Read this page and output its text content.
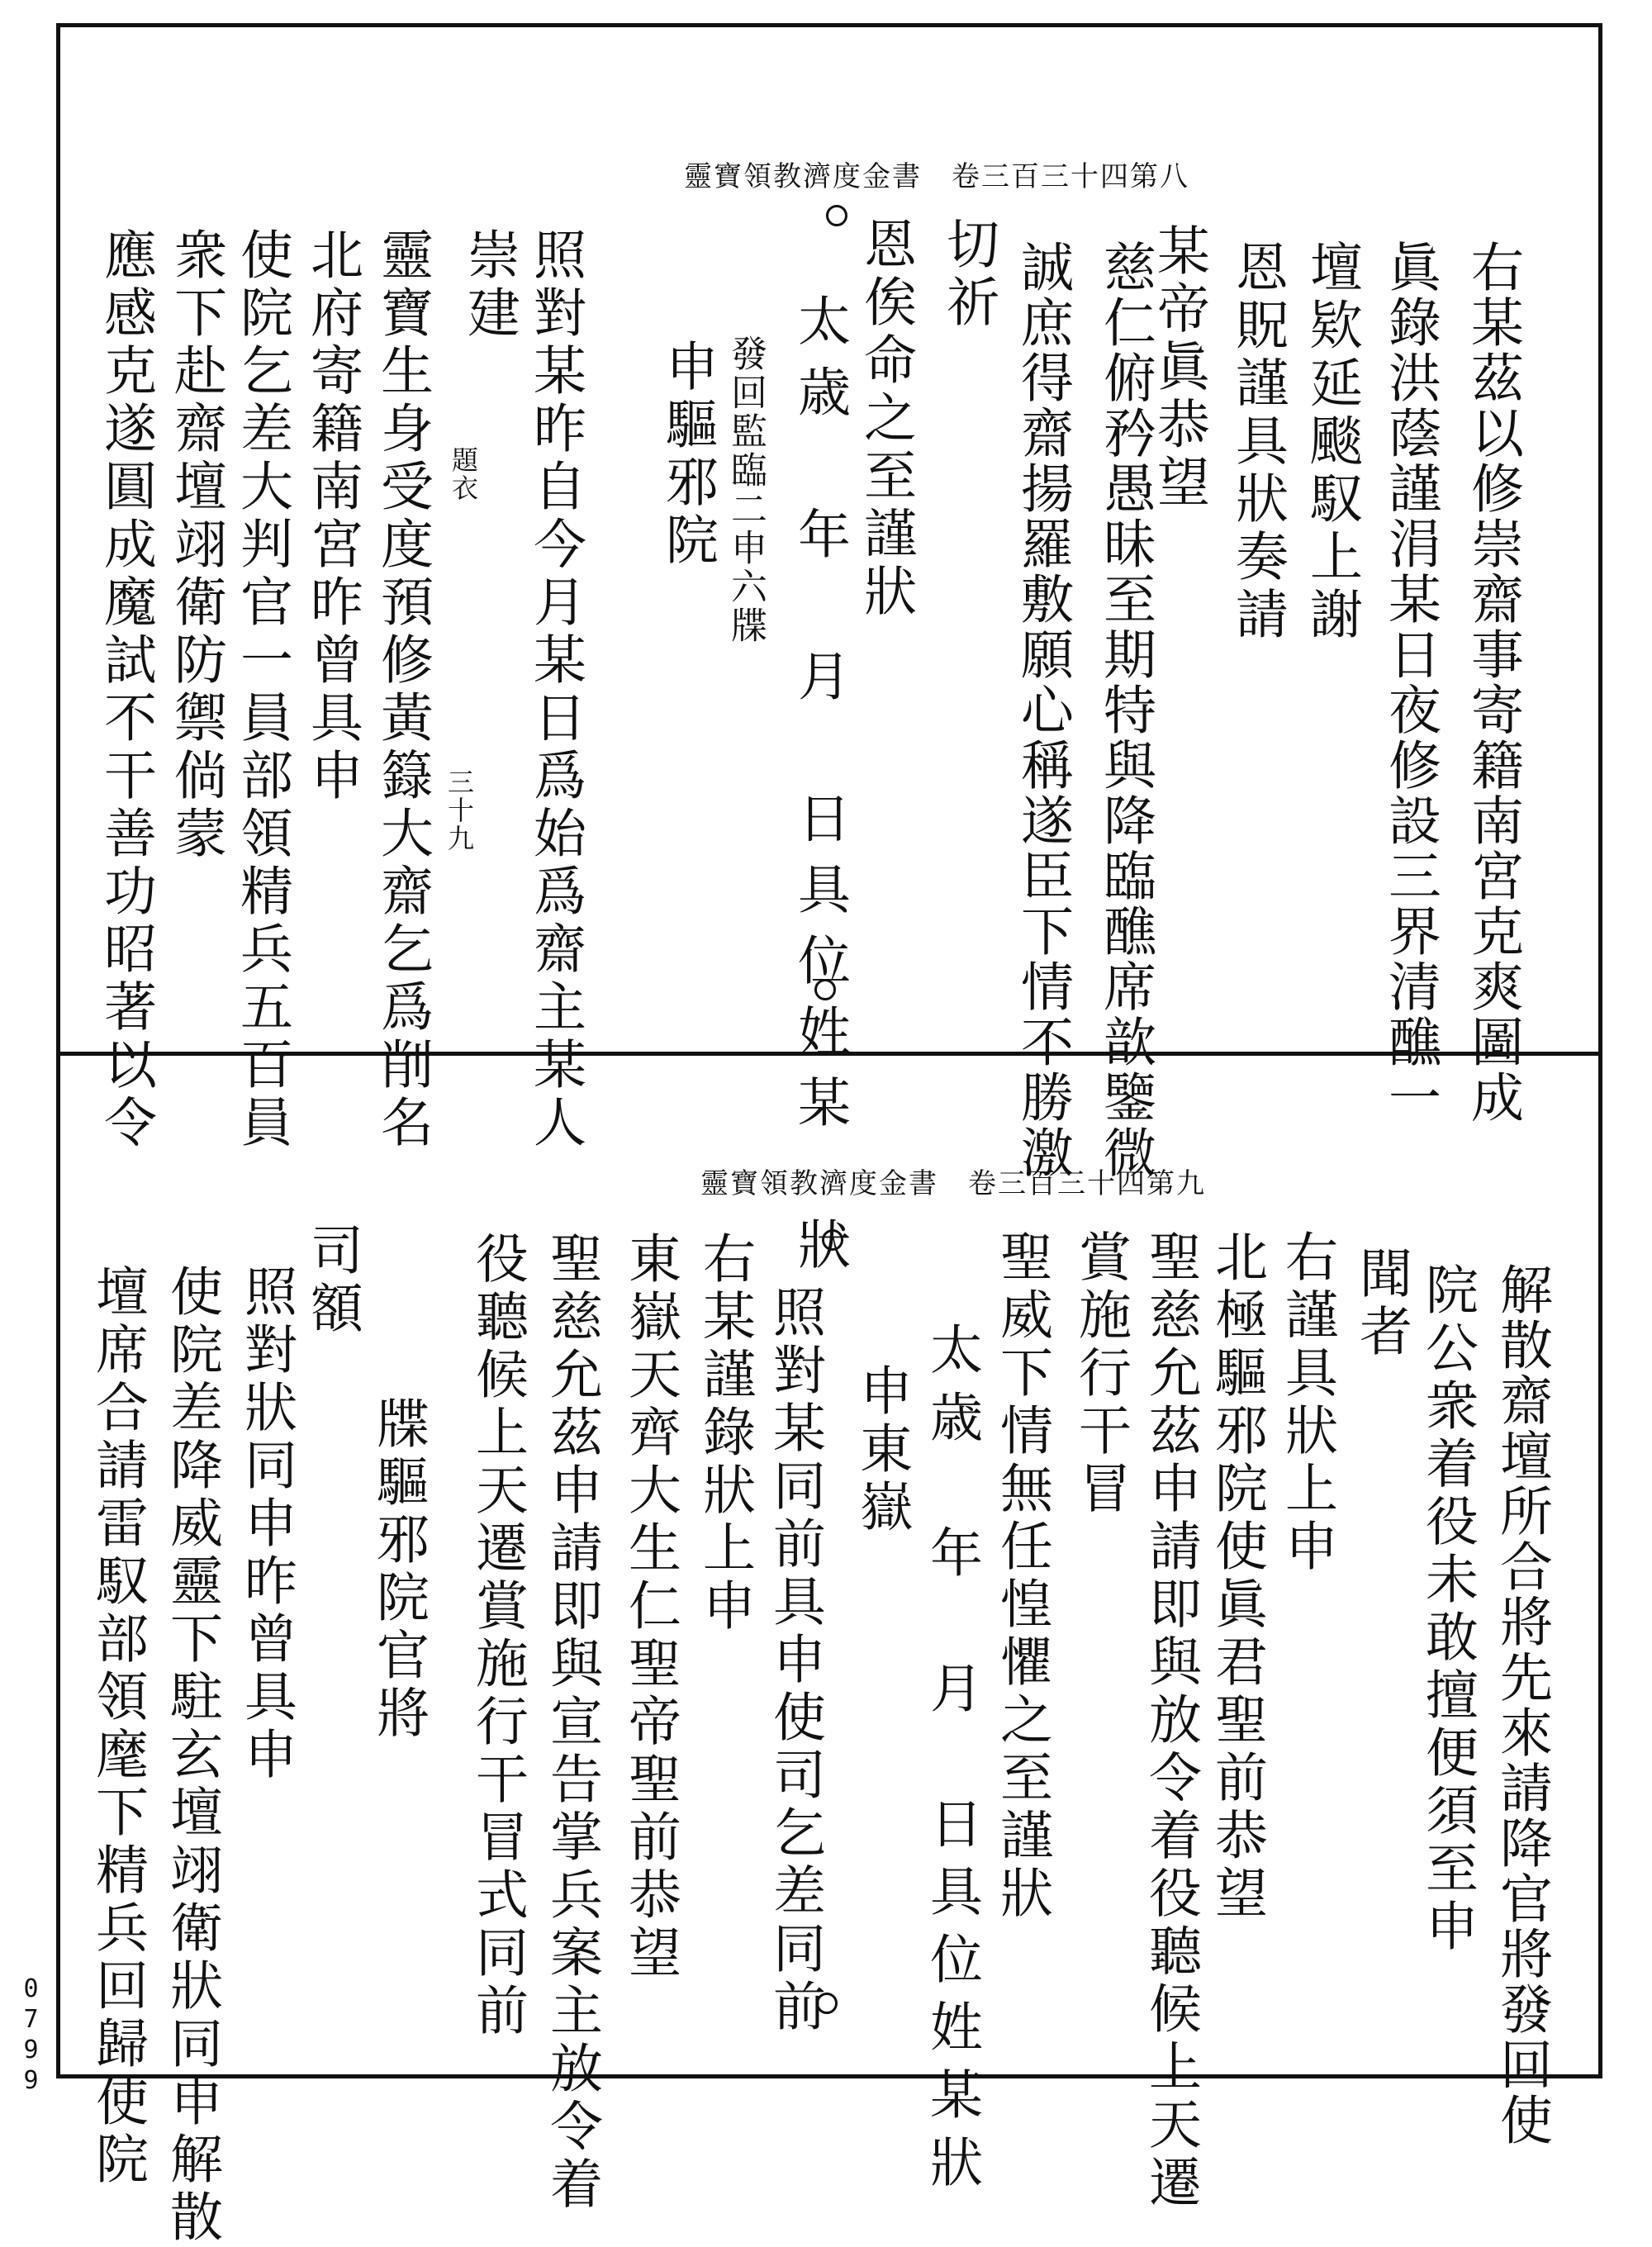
靈寶領教濟度金書　卷三百三十四第八
右某茲以修崇齋事寄籍南宮克爽圖成
眞錄洪蔭謹涓某日夜修設三界清醮一
壇欵延颷馭上謝
恩貺謹具狀奏請
某帝眞恭望
慈仁俯矜愚昧至期特與降臨醮席歆鑒微
誠庶得齋揚羅敷願心稱遂臣下情不勝激
切祈
恩俟命之至謹狀
太歳　年　月　日具位姓某　狀
發回監臨二申六牒
申驅邪院
照對某昨自今月某日爲始爲齋主某人
崇建
靈寶生身受度預修黃籙大齋乞爲削名
北府寄籍南宮昨曾具申
使院乞差大判官一員部領精兵五百員
衆下赴齋壇翊衛防禦倘蒙
應感克遂圓成魔試不干善功昭著以令	三十九
題衣
靈寶領教濟度金書　卷三百三十四第九
解散齋壇所合將先來請降官將發回使
院公衆着役未敢擅便須至申
聞者
右謹具狀上申
北極驅邪院使眞君聖前恭望
聖慈允茲申請即與放令着役聽候上天遷
賞施行干冒
聖威下情無任惶懼之至謹狀
太歳　年　月　日具位姓某狀
申東嶽
照對某同前具申使司乞差同前
右某謹錄狀上申
東嶽天齊大生仁聖帝聖前恭望
聖慈允茲申請即與宣告掌兵案主放令着
役聽候上天遷賞施行干冒式同前
牒驅邪院官將
照對狀同申昨曾具申
使院差降威靈下駐玄壇翊衛狀同申解散 司額
壇席合請雷馭部領麾下精兵回歸使院
0799
